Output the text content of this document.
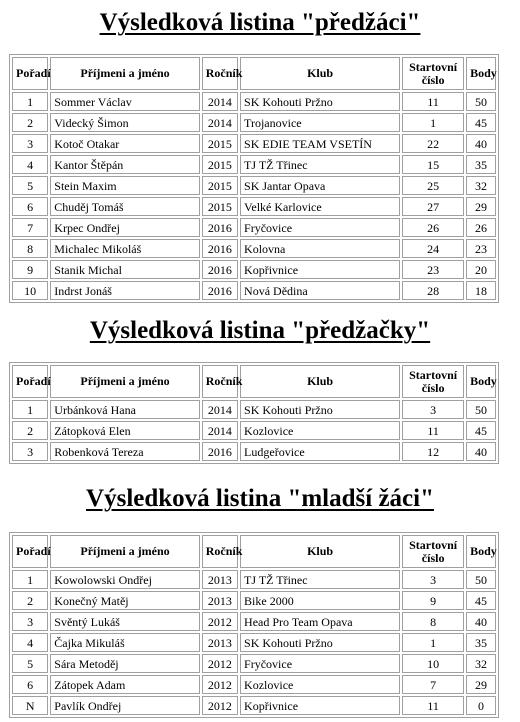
Výsledková listina "předžáci"
Pořadí	Příjmeni a jméno	Ročník	Klub	Startovní číslo	Body
1	Sommer Václav	2014	SK Kohouti Pržno	11	50
2	Videcký Šimon	2014	Trojanovice	1	45
3	Kotoč Otakar	2015	SK EDIE TEAM VSETÍN	22	40
4	Kantor Štěpán	2015	TJ TŽ Třinec	15	35
5	Stein Maxim	2015	SK Jantar Opava	25	32
6	Chuděj Tomáš	2015	Velké Karlovice	27	29
7	Krpec Ondřej	2016	Fryčovice	26	26
8	Michalec Mikoláš	2016	Kolovna	24	23
9	Stanik Michal	2016	Kopřivnice	23	20
10	Indrst Jonáš	2016	Nová Dědina	28	18
Výsledková listina "předžačky"
Pořadí	Příjmeni a jméno	Ročník	Klub	Startovní číslo	Body
1	Urbánková Hana	2014	SK Kohouti Pržno	3	50
2	Zátopková Elen	2014	Kozlovice	11	45
3	Robenková Tereza	2016	Ludgeřovice	12	40
Výsledková listina "mladší žáci"
Pořadí	Příjmeni a jméno	Ročník	Klub	Startovní číslo	Body
1	Kowolowski Ondřej	2013	TJ TŽ Třinec	3	50
2	Konečný Matěj	2013	Bike 2000	9	45
3	Svěntý Lukáš	2012	Head Pro Team Opava	8	40
4	Čajka Mikuláš	2013	SK Kohouti Pržno	1	35
5	Sára Metoděj	2012	Fryčovice	10	32
6	Zátopek Adam	2012	Kozlovice	7	29
N	Pavlík Ondřej	2012	Kopřivnice	11	0
